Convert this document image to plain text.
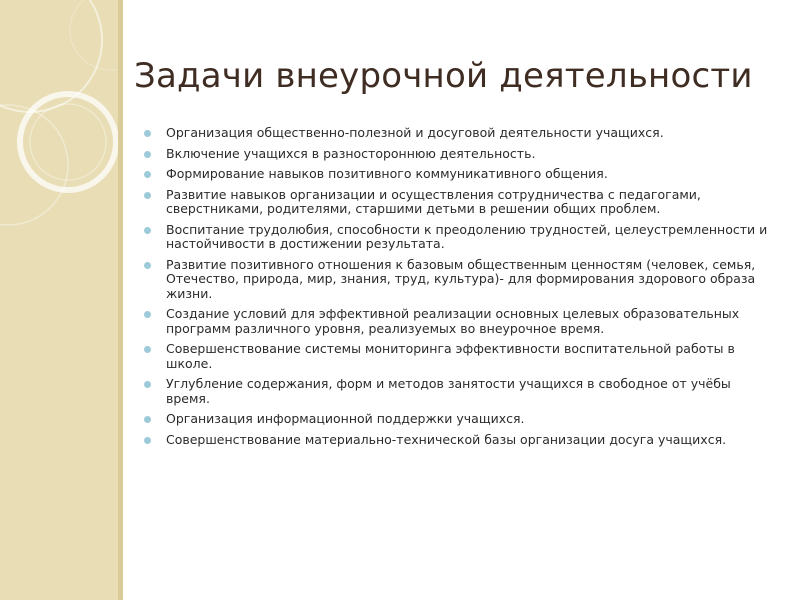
Задачи внеурочной деятельности
Организация общественно-полезной и досуговой деятельности учащихся.
Включение учащихся в разностороннюю деятельность.
Формирование навыков позитивного коммуникативного общения.
Развитие навыков организации и осуществления сотрудничества с педагогами, сверстниками, родителями, старшими детьми в решении общих проблем.
Воспитание трудолюбия, способности к преодолению трудностей, целеустремленности и настойчивости в достижении результата.
Развитие позитивного отношения к базовым общественным ценностям (человек, семья, Отечество, природа, мир, знания, труд, культура)- для формирования здорового образа жизни.
Создание условий для эффективной реализации основных целевых образовательных программ различного уровня, реализуемых во внеурочное время.
Совершенствование системы мониторинга эффективности воспитательной работы в школе.
Углубление содержания, форм и методов занятости учащихся в свободное от учёбы время.
Организация информационной поддержки учащихся.
Совершенствование материально-технической базы организации досуга учащихся.
